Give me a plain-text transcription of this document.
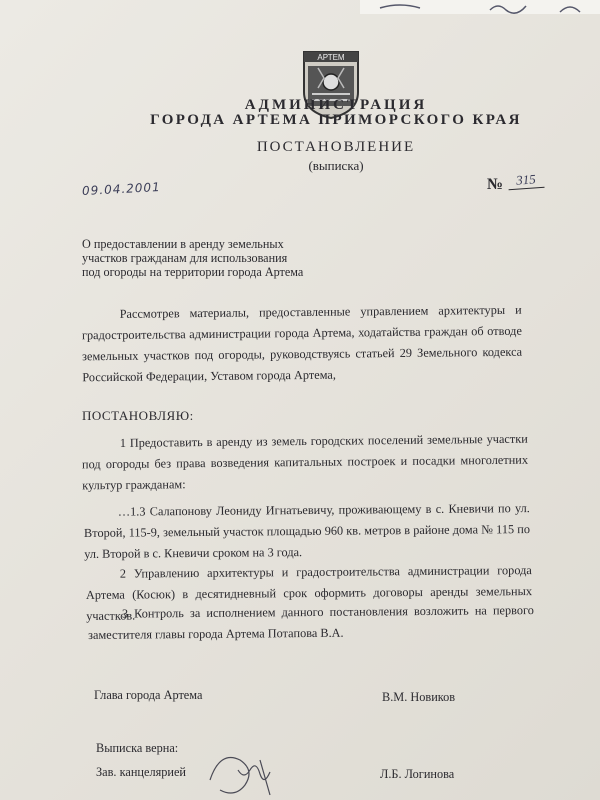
АРТЕМ
АДМИНИСТРАЦИЯ
ГОРОДА АРТЕМА ПРИМОРСКОГО КРАЯ
ПОСТАНОВЛЕНИЕ
(выписка)
09.04.2001	№ 315
О предоставлении в аренду земельных
участков гражданам для использования
под огороды на территории города Артема
Рассмотрев материалы, предоставленные управлением архитектуры и градостроительства администрации города Артема, ходатайства граждан об отводе земельных участков под огороды, руководствуясь статьей 29 Земельного кодекса Российской Федерации, Уставом города Артема,
ПОСТАНОВЛЯЮ:
1 Предоставить в аренду из земель городских поселений земельные участки под огороды без права возведения капитальных построек и посадки многолетних культур гражданам:
…1.3 Салапонову Леониду Игнатьевичу, проживающему в с. Кневичи по ул. Второй, 115-9, земельный участок площадью 960 кв. метров в районе дома № 115 по ул. Второй в с. Кневичи сроком на 3 года.
2 Управлению архитектуры и градостроительства администрации города Артема (Косюк) в десятидневный срок оформить договоры аренды земельных участков.
3 Контроль за исполнением данного постановления возложить на первого заместителя главы города Артема Потапова В.А.
Глава города Артема	В.М. Новиков
Выписка верна:
Зав. канцелярией	Л.Б. Логинова
